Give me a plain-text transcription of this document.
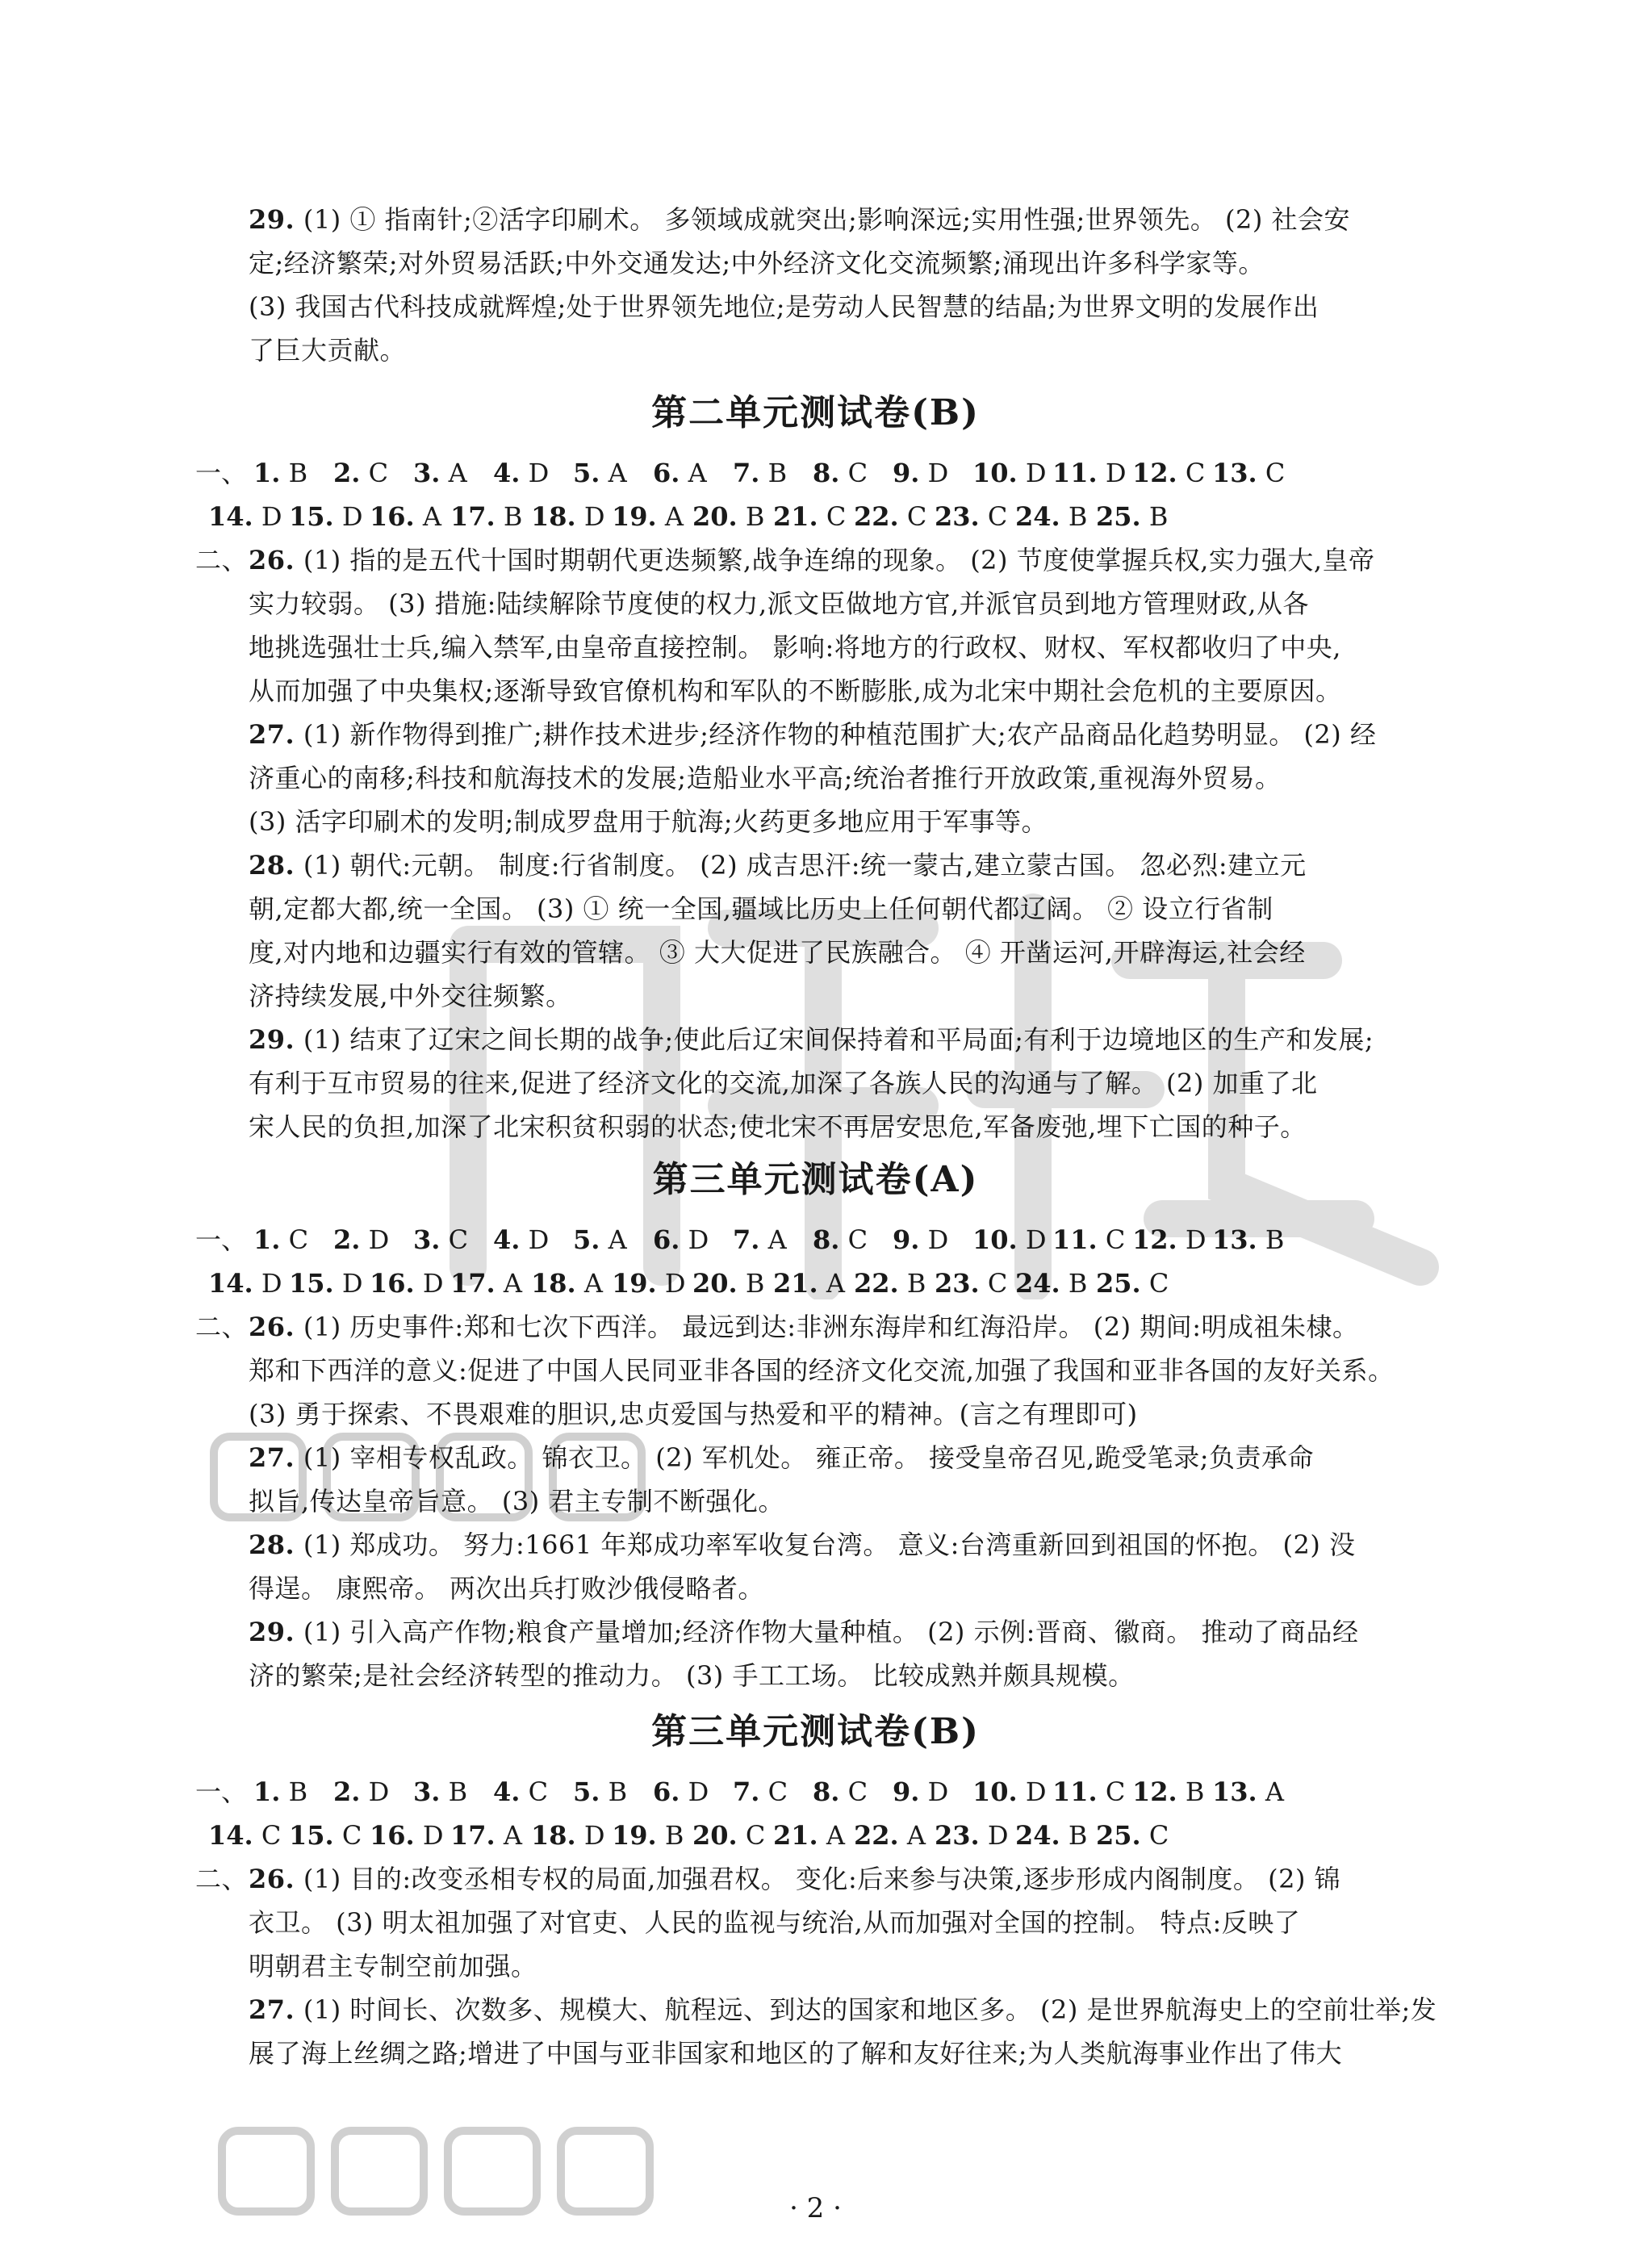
29. (1) ① 指南针;②活字印刷术。 多领域成就突出;影响深远;实用性强;世界领先。 (2) 社会安
定;经济繁荣;对外贸易活跃;中外交通发达;中外经济文化交流频繁;涌现出许多科学家等。
(3) 我国古代科技成就辉煌;处于世界领先地位;是劳动人民智慧的结晶;为世界文明的发展作出
了巨大贡献。
第二单元测试卷(B)
一、 1. B 2. C 3. A 4. D 5. A 6. A 7. B 8. C 9. D 10. D 11. D 12. C 13. C
14. D 15. D 16. A 17. B 18. D 19. A 20. B 21. C 22. C 23. C 24. B 25. B
二、26. (1) 指的是五代十国时期朝代更迭频繁,战争连绵的现象。 (2) 节度使掌握兵权,实力强大,皇帝
实力较弱。 (3) 措施:陆续解除节度使的权力,派文臣做地方官,并派官员到地方管理财政,从各
地挑选强壮士兵,编入禁军,由皇帝直接控制。 影响:将地方的行政权、财权、军权都收归了中央,
从而加强了中央集权;逐渐导致官僚机构和军队的不断膨胀,成为北宋中期社会危机的主要原因。
27. (1) 新作物得到推广;耕作技术进步;经济作物的种植范围扩大;农产品商品化趋势明显。 (2) 经
济重心的南移;科技和航海技术的发展;造船业水平高;统治者推行开放政策,重视海外贸易。
(3) 活字印刷术的发明;制成罗盘用于航海;火药更多地应用于军事等。
28. (1) 朝代:元朝。 制度:行省制度。 (2) 成吉思汗:统一蒙古,建立蒙古国。 忽必烈:建立元
朝,定都大都,统一全国。 (3) ① 统一全国,疆域比历史上任何朝代都辽阔。 ② 设立行省制
度,对内地和边疆实行有效的管辖。 ③ 大大促进了民族融合。 ④ 开凿运河,开辟海运,社会经
济持续发展,中外交往频繁。
29. (1) 结束了辽宋之间长期的战争;使此后辽宋间保持着和平局面;有利于边境地区的生产和发展;
有利于互市贸易的往来,促进了经济文化的交流,加深了各族人民的沟通与了解。 (2) 加重了北
宋人民的负担,加深了北宋积贫积弱的状态;使北宋不再居安思危,军备废弛,埋下亡国的种子。
第三单元测试卷(A)
一、 1. C 2. D 3. C 4. D 5. A 6. D 7. A 8. C 9. D 10. D 11. C 12. D 13. B
14. D 15. D 16. D 17. A 18. A 19. D 20. B 21. A 22. B 23. C 24. B 25. C
二、26. (1) 历史事件:郑和七次下西洋。 最远到达:非洲东海岸和红海沿岸。 (2) 期间:明成祖朱棣。
郑和下西洋的意义:促进了中国人民同亚非各国的经济文化交流,加强了我国和亚非各国的友好关系。
(3) 勇于探索、不畏艰难的胆识,忠贞爱国与热爱和平的精神。(言之有理即可)
27. (1) 宰相专权乱政。 锦衣卫。 (2) 军机处。 雍正帝。 接受皇帝召见,跪受笔录;负责承命
拟旨,传达皇帝旨意。 (3) 君主专制不断强化。
28. (1) 郑成功。 努力:1661 年郑成功率军收复台湾。 意义:台湾重新回到祖国的怀抱。 (2) 没
得逞。 康熙帝。 两次出兵打败沙俄侵略者。
29. (1) 引入高产作物;粮食产量增加;经济作物大量种植。 (2) 示例:晋商、徽商。 推动了商品经
济的繁荣;是社会经济转型的推动力。 (3) 手工工场。 比较成熟并颇具规模。
第三单元测试卷(B)
一、 1. B 2. D 3. B 4. C 5. B 6. D 7. C 8. C 9. D 10. D 11. C 12. B 13. A
14. C 15. C 16. D 17. A 18. D 19. B 20. C 21. A 22. A 23. D 24. B 25. C
二、26. (1) 目的:改变丞相专权的局面,加强君权。 变化:后来参与决策,逐步形成内阁制度。 (2) 锦
衣卫。 (3) 明太祖加强了对官吏、人民的监视与统治,从而加强对全国的控制。 特点:反映了
明朝君主专制空前加强。
27. (1) 时间长、次数多、规模大、航程远、到达的国家和地区多。 (2) 是世界航海史上的空前壮举;发
展了海上丝绸之路;增进了中国与亚非国家和地区的了解和友好往来;为人类航海事业作出了伟大
· 2 ·
